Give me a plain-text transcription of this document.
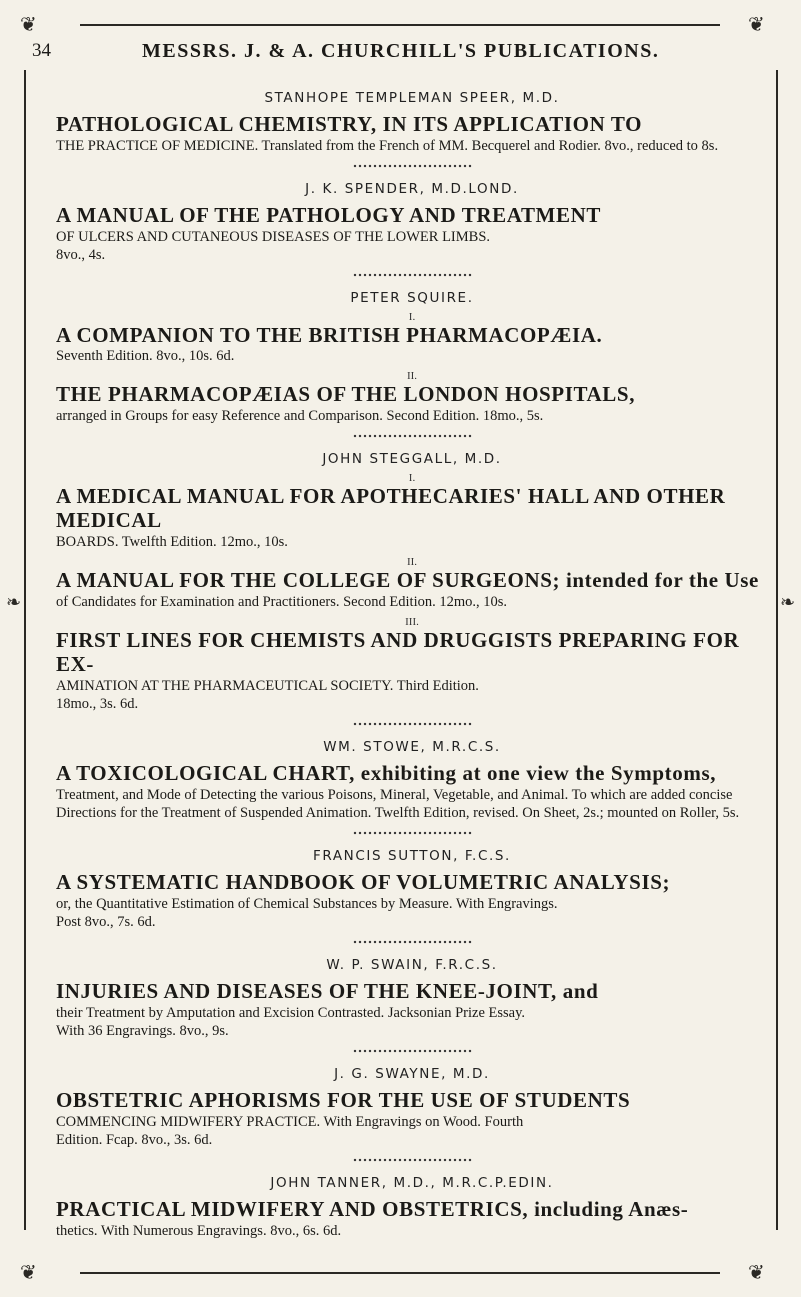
❦	❦
❧	❧
34	MESSRS. J. & A. CHURCHILL'S PUBLICATIONS.
STANHOPE TEMPLEMAN SPEER, M.D.

PATHOLOGICAL CHEMISTRY, IN ITS APPLICATION TO

THE PRACTICE OF MEDICINE. Translated from the French of MM. Becquerel and Rodier. 8vo., reduced to 8s.

J. K. SPENDER, M.D.LOND.

A MANUAL OF THE PATHOLOGY AND TREATMENT

OF ULCERS AND CUTANEOUS DISEASES OF THE LOWER LIMBS.

8vo., 4s.

PETER SQUIRE.

I.

A COMPANION TO THE BRITISH PHARMACOPÆIA.

Seventh Edition. 8vo., 10s. 6d.

II.

THE PHARMACOPÆIAS OF THE LONDON HOSPITALS,

arranged in Groups for easy Reference and Comparison. Second Edition. 18mo., 5s.

JOHN STEGGALL, M.D.

I.

A MEDICAL MANUAL FOR APOTHECARIES' HALL AND OTHER MEDICAL

BOARDS. Twelfth Edition. 12mo., 10s.

II.

A MANUAL FOR THE COLLEGE OF SURGEONS; intended for the Use

of Candidates for Examination and Practitioners. Second Edition. 12mo., 10s.

III.

FIRST LINES FOR CHEMISTS AND DRUGGISTS PREPARING FOR EX-

AMINATION AT THE PHARMACEUTICAL SOCIETY. Third Edition.

18mo., 3s. 6d.

WM. STOWE, M.R.C.S.

A TOXICOLOGICAL CHART, exhibiting at one view the Symptoms,

Treatment, and Mode of Detecting the various Poisons, Mineral, Vegetable, and Animal. To which are added concise Directions for the Treatment of Suspended Animation. Twelfth Edition, revised. On Sheet, 2s.; mounted on Roller, 5s.

FRANCIS SUTTON, F.C.S.

A SYSTEMATIC HANDBOOK OF VOLUMETRIC ANALYSIS;

or, the Quantitative Estimation of Chemical Substances by Measure. With Engravings.

Post 8vo., 7s. 6d.

W. P. SWAIN, F.R.C.S.

INJURIES AND DISEASES OF THE KNEE-JOINT, and

their Treatment by Amputation and Excision Contrasted. Jacksonian Prize Essay.

With 36 Engravings. 8vo., 9s.

J. G. SWAYNE, M.D.

OBSTETRIC APHORISMS FOR THE USE OF STUDENTS

COMMENCING MIDWIFERY PRACTICE. With Engravings on Wood. Fourth

Edition. Fcap. 8vo., 3s. 6d.

JOHN TANNER, M.D., M.R.C.P.EDIN.

PRACTICAL MIDWIFERY AND OBSTETRICS, including Anæs-

thetics. With Numerous Engravings. 8vo., 6s. 6d.

❦	❦
